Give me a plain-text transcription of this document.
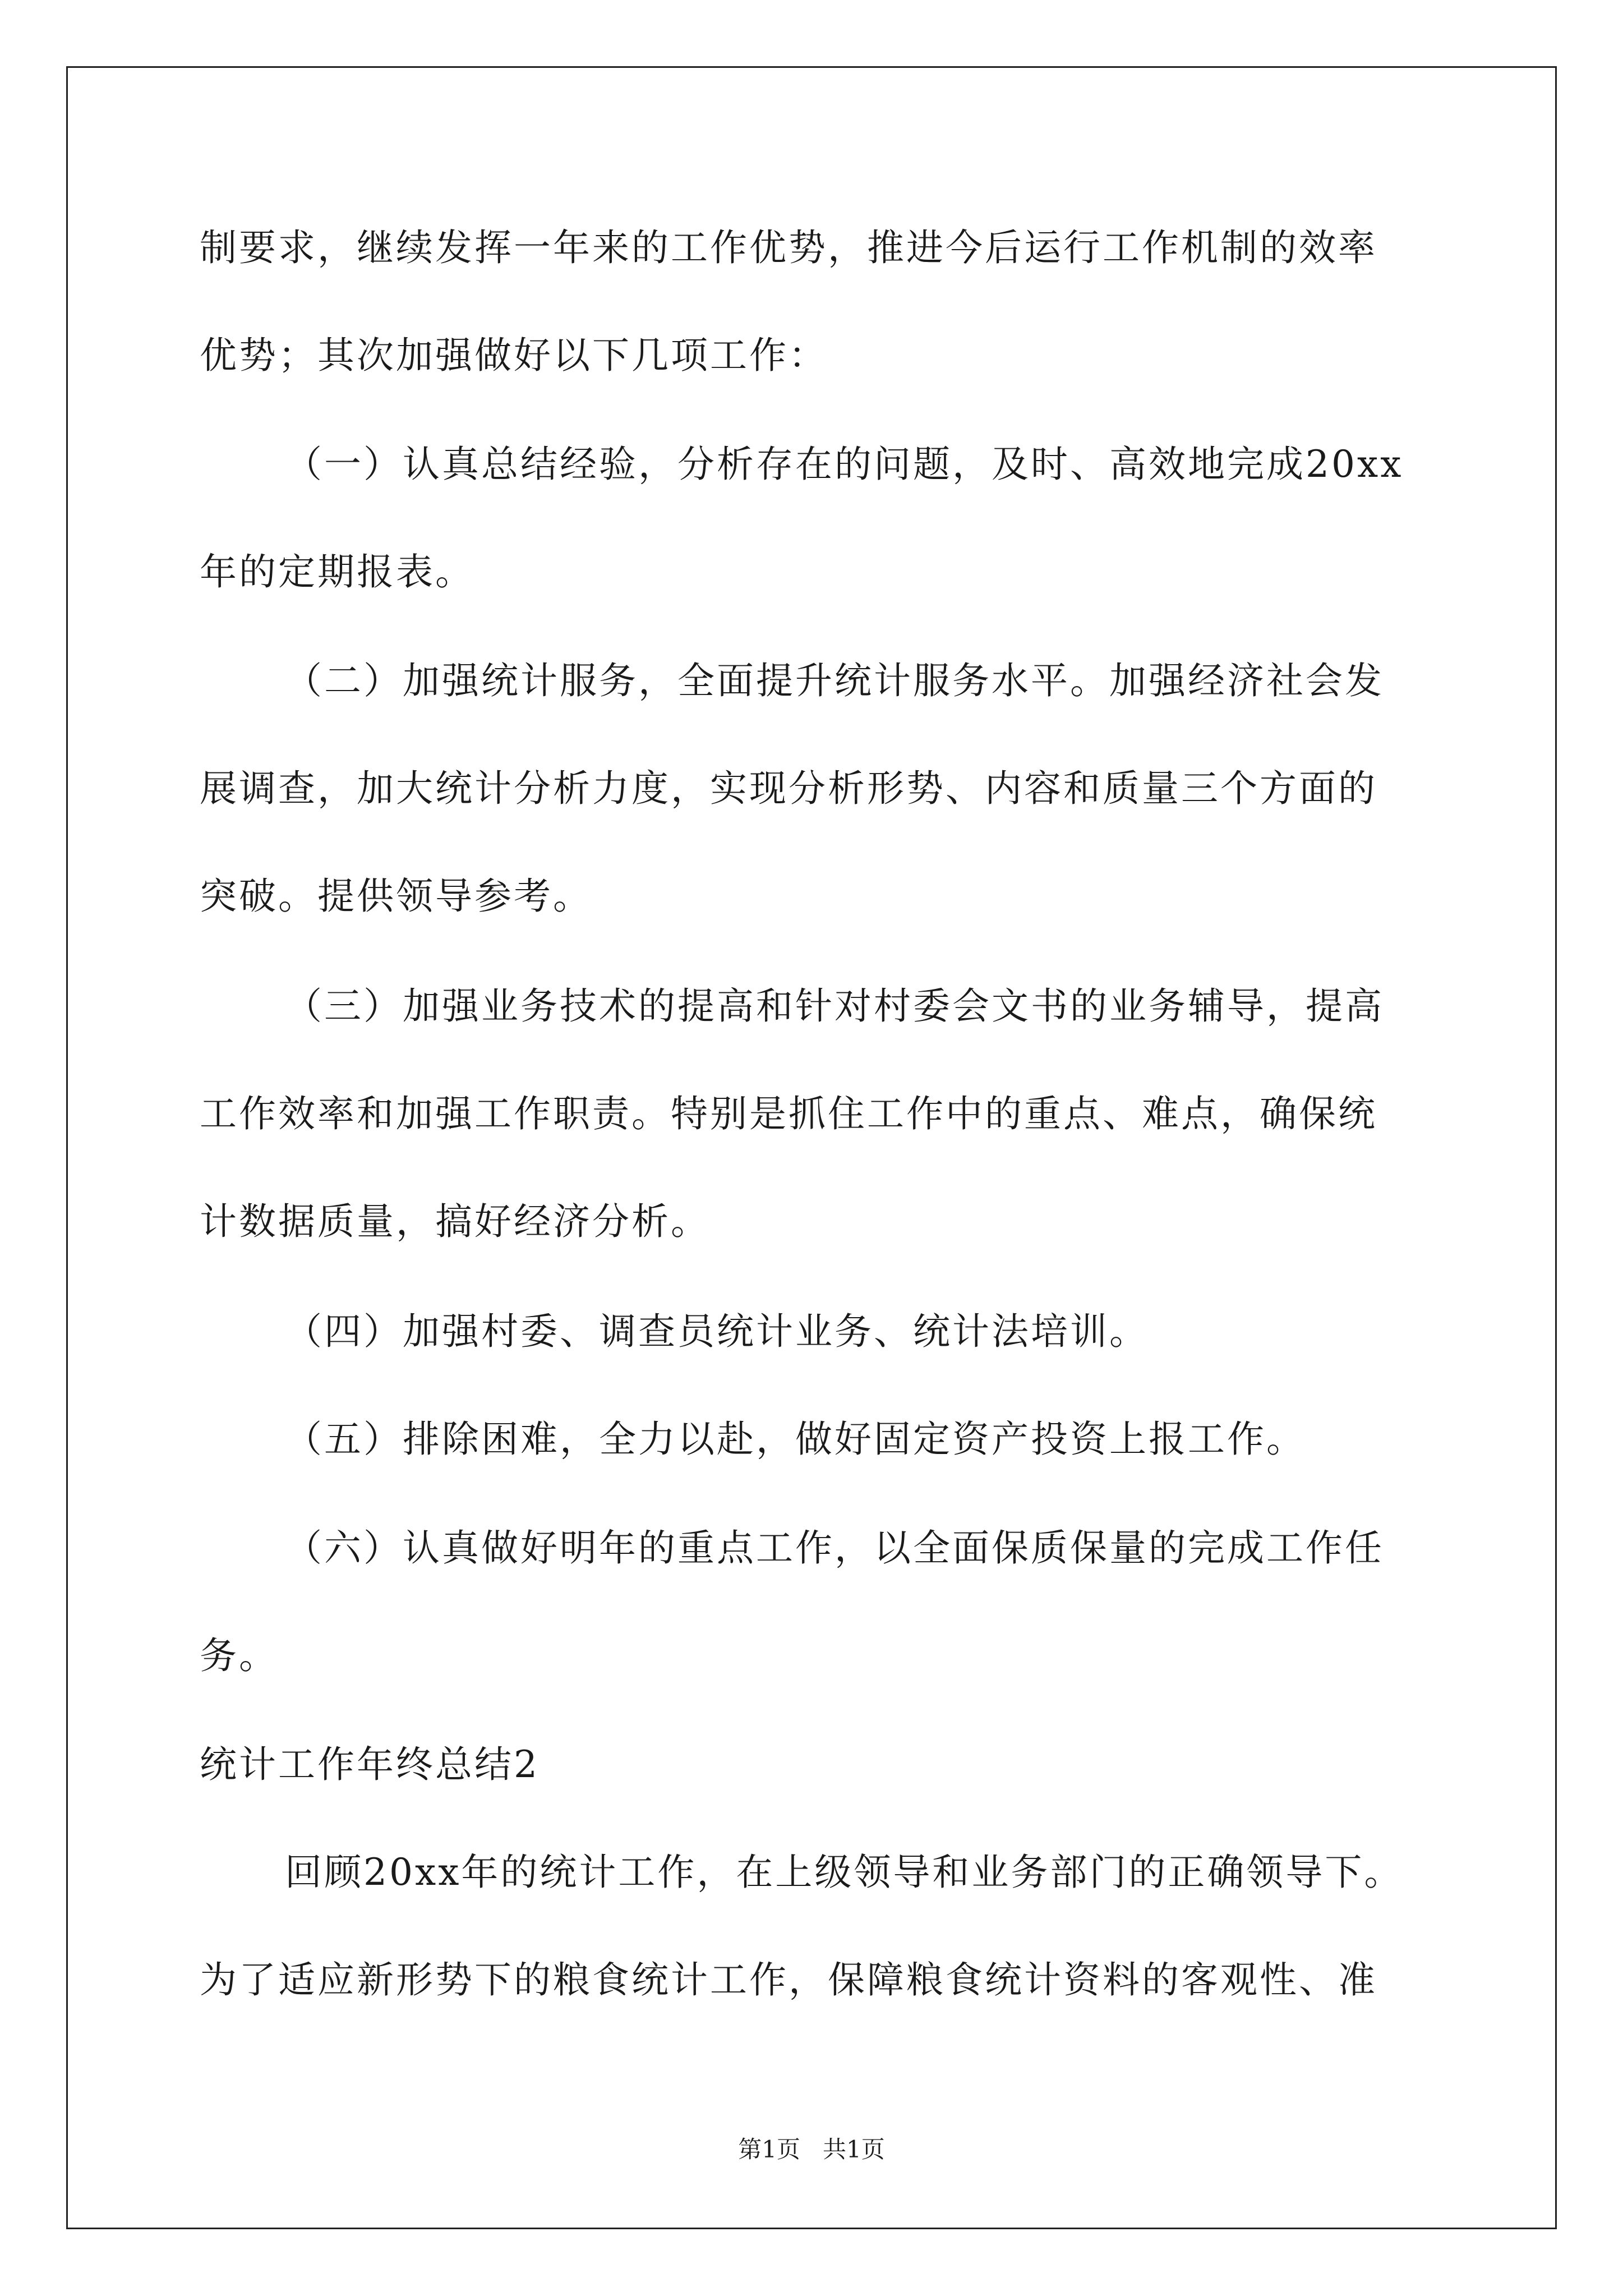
制要求，继续发挥一年来的工作优势，推进今后运行工作机制的效率
优势；其次加强做好以下几项工作：
（一）认真总结经验，分析存在的问题，及时、高效地完成20xx
年的定期报表。
（二）加强统计服务，全面提升统计服务水平。加强经济社会发
展调查，加大统计分析力度，实现分析形势、内容和质量三个方面的
突破。提供领导参考。
（三）加强业务技术的提高和针对村委会文书的业务辅导，提高
工作效率和加强工作职责。特别是抓住工作中的重点、难点，确保统
计数据质量，搞好经济分析。
（四）加强村委、调查员统计业务、统计法培训。
（五）排除困难，全力以赴，做好固定资产投资上报工作。
（六）认真做好明年的重点工作，以全面保质保量的完成工作任
务。
统计工作年终总结2
回顾20xx年的统计工作，在上级领导和业务部门的正确领导下。
为了适应新形势下的粮食统计工作，保障粮食统计资料的客观性、准
第1页 共1页
